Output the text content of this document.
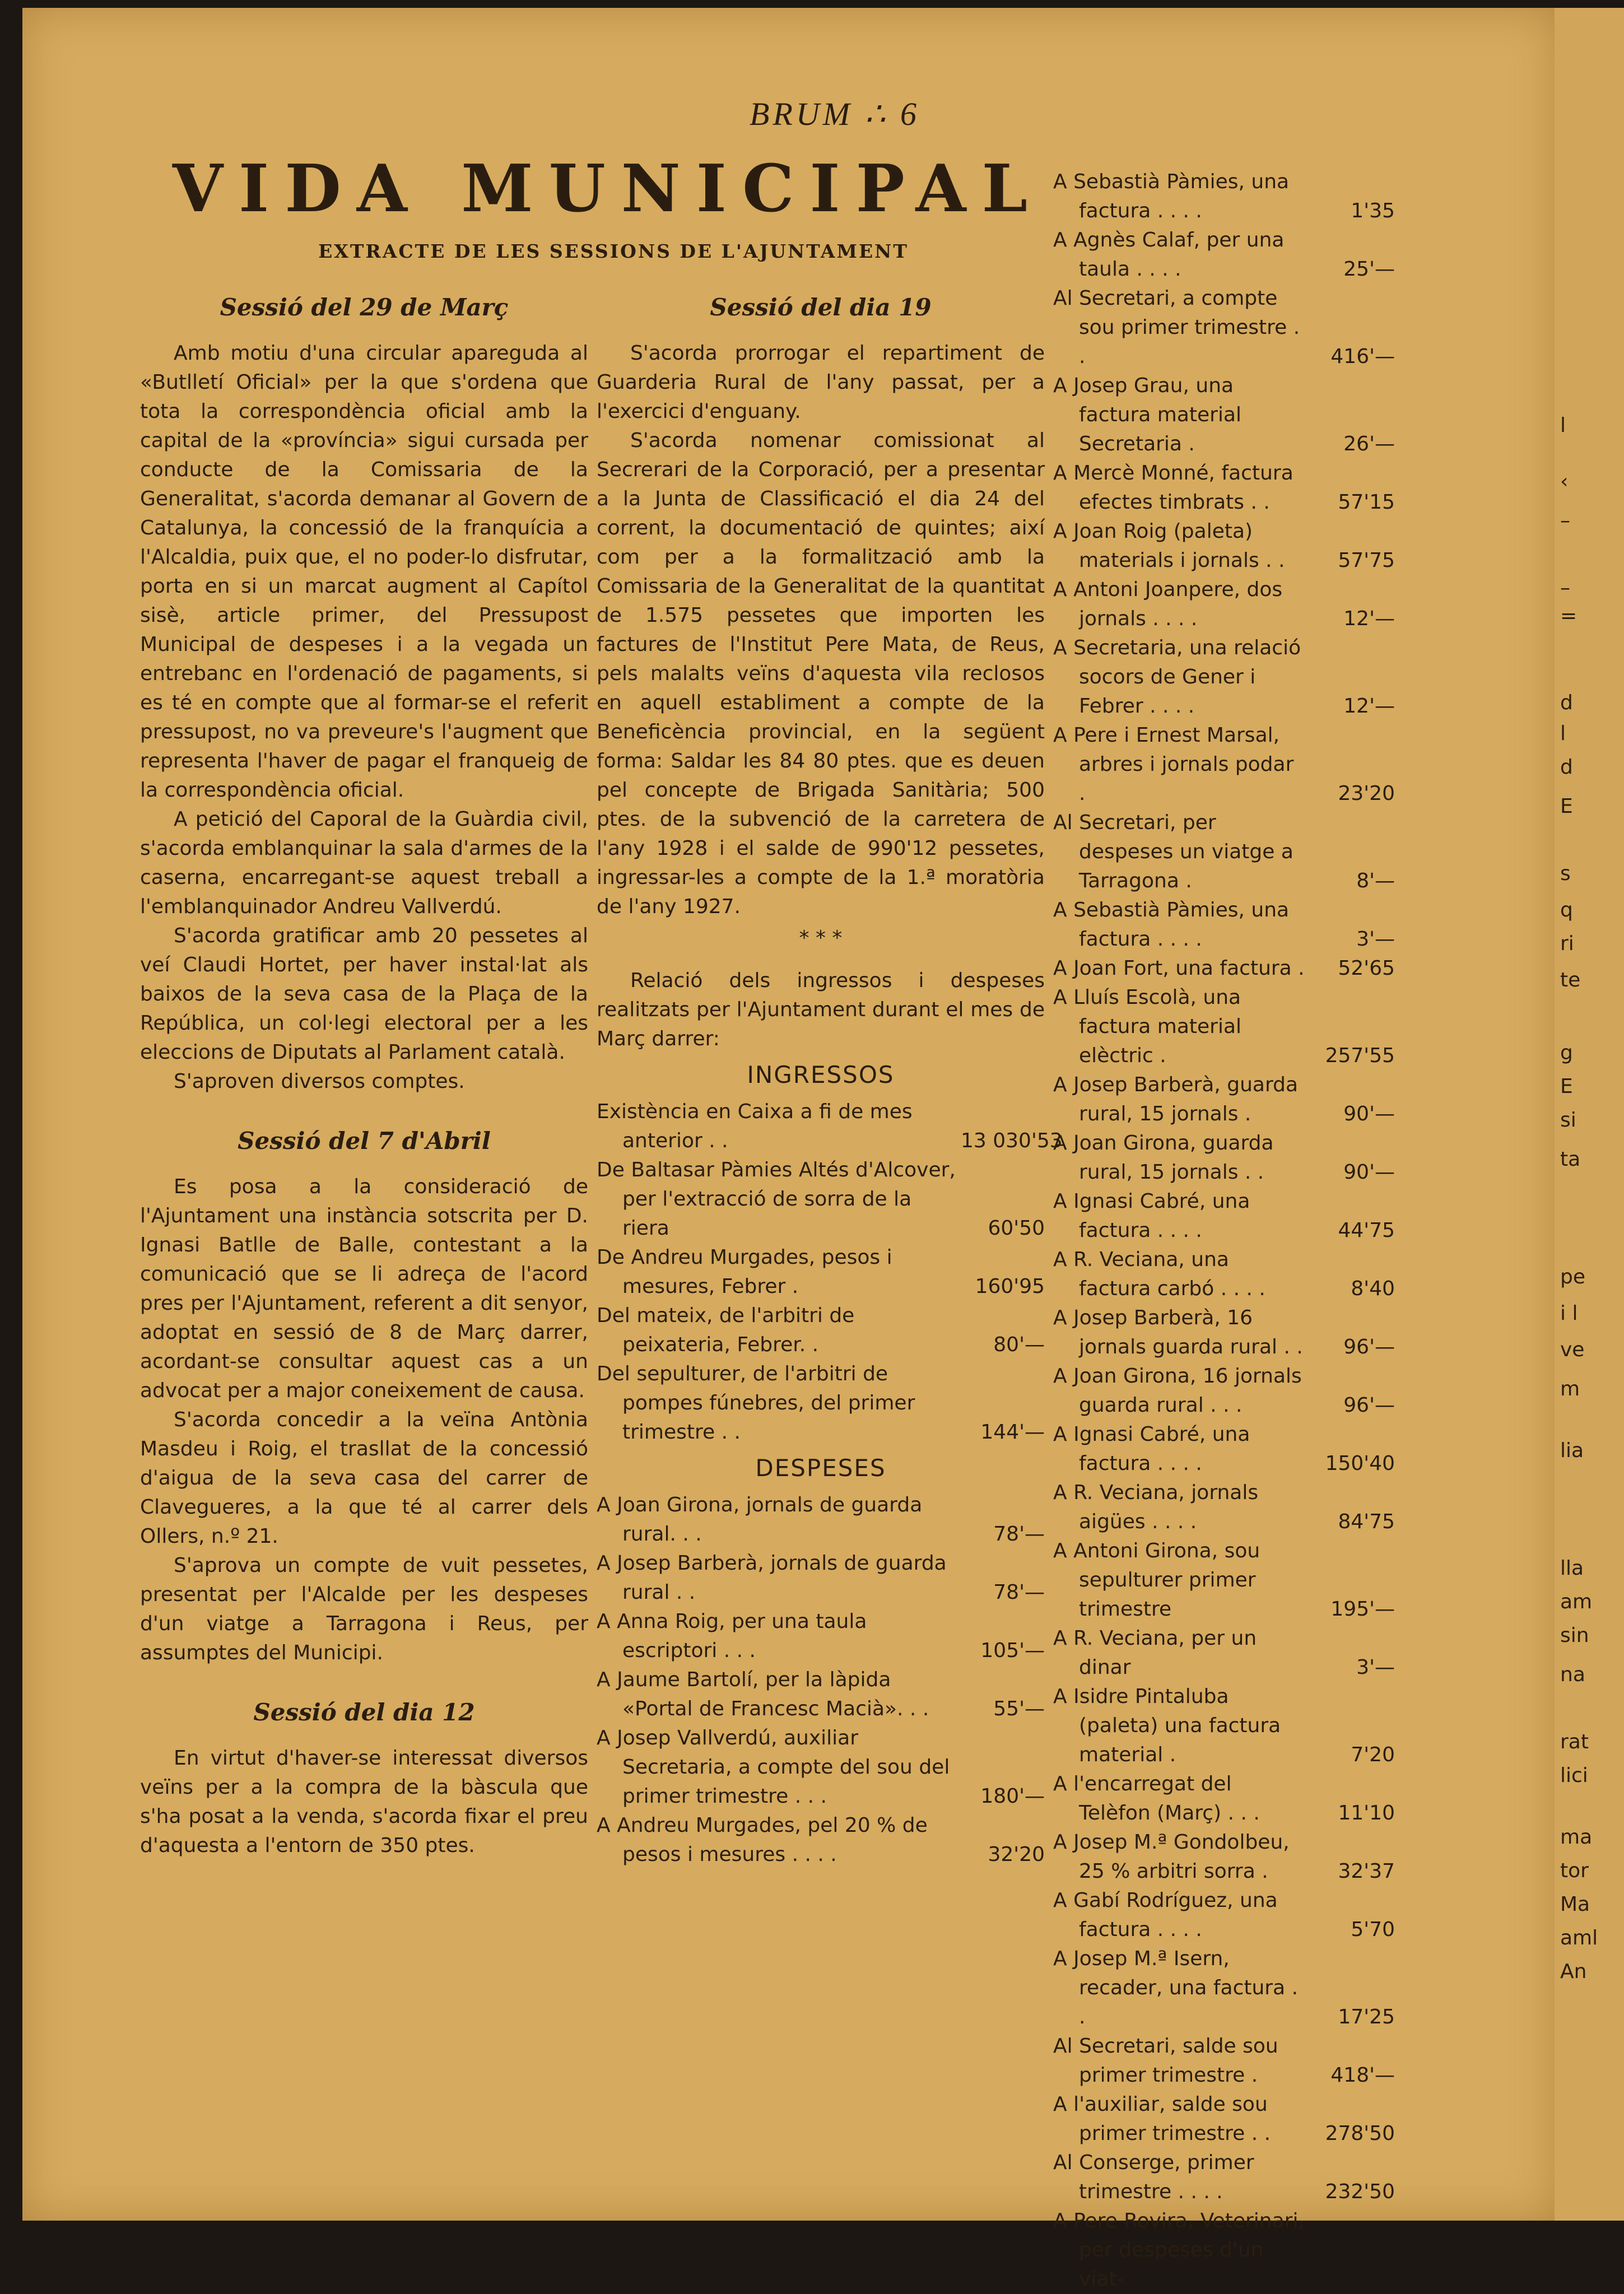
BRUM ∴ 6
VIDA MUNICIPAL
EXTRACTE DE LES SESSIONS DE L'AJUNTAMENT
Sessió del 29 de Març

Amb motiu d'una circular apareguda al «Butlletí Oficial» per la que s'ordena que tota la correspondència oficial amb la capital de la «província» sigui cursada per conducte de la Comissaria de la Generalitat, s'acorda demanar al Govern de Catalunya, la concessió de la franquícia a l'Alcaldia, puix que, el no poder-lo disfrutar, porta en si un marcat augment al Capítol sisè, article primer, del Pressupost Municipal de despeses i a la vegada un entrebanc en l'ordenació de pagaments, si es té en compte que al formar-se el referit pressupost, no va preveure's l'augment que representa l'haver de pagar el franqueig de la correspondència oficial.

A petició del Caporal de la Guàrdia civil, s'acorda emblanquinar la sala d'armes de la caserna, encarregant-se aquest treball a l'emblanquinador Andreu Vallverdú.

S'acorda gratificar amb 20 pessetes al veí Claudi Hortet, per haver instal·lat als baixos de la seva casa de la Plaça de la República, un col·legi electoral per a les eleccions de Diputats al Parlament català.

S'aproven diversos comptes.

Sessió del 7 d'Abril

Es posa a la consideració de l'Ajuntament una instància sotscrita per D. Ignasi Batlle de Balle, contestant a la comunicació que se li adreça de l'acord pres per l'Ajuntament, referent a dit senyor, adoptat en sessió de 8 de Març darrer, acordant-se consultar aquest cas a un advocat per a major coneixement de causa.

S'acorda concedir a la veïna Antònia Masdeu i Roig, el trasllat de la concessió d'aigua de la seva casa del carrer de Clavegueres, a la que té al carrer dels Ollers, n.º 21.

S'aprova un compte de vuit pessetes, presentat per l'Alcalde per les despeses d'un viatge a Tarragona i Reus, per assumptes del Municipi.

Sessió del dia 12

En virtut d'haver-se interessat diversos veïns per a la compra de la bàscula que s'ha posat a la venda, s'acorda fixar el preu d'aquesta a l'entorn de 350 ptes.

Sessió del dia 19

S'acorda prorrogar el repartiment de Guarderia Rural de l'any passat, per a l'exercici d'enguany.

S'acorda nomenar comissionat al Secrerari de la Corporació, per a presentar a la Junta de Classificació el dia 24 del corrent, la documentació de quintes; així com per a la formalització amb la Comissaria de la Generalitat de la quantitat de 1.575 pessetes que importen les factures de l'Institut Pere Mata, de Reus, pels malalts veïns d'aquesta vila reclosos en aquell establiment a compte de la Beneficència provincial, en la següent forma: Saldar les 84 80 ptes. que es deuen pel concepte de Brigada Sanitària; 500 ptes. de la subvenció de la carretera de l'any 1928 i el salde de 990'12 pessetes, ingressar-les a compte de la 1.ª moratòria de l'any 1927.

* * *

Relació dels ingressos i despeses realitzats per l'Ajuntament durant el mes de Març darrer:

INGRESSOS
Existència en Caixa a fi de mes anterior . .	13 030'53
De Baltasar Pàmies Altés d'Alcover, per l'extracció de sorra de la riera	60'50
De Andreu Murgades, pesos i mesures, Febrer .	160'95
Del mateix, de l'arbitri de peixateria, Febrer. .	80'—
Del sepulturer, de l'arbitri de pompes fúnebres, del primer trimestre . .	144'—
DESPESES
A Joan Girona, jornals de guarda rural. . .	78'—
A Josep Barberà, jornals de guarda rural . .	78'—
A Anna Roig, per una taula escriptori . . .	105'—
A Jaume Bartolí, per la làpida «Portal de Francesc Macià». . .	55'—
A Josep Vallverdú, auxiliar Secretaria, a compte del sou del primer trimestre . . .	180'—
A Andreu Murgades, pel 20 % de pesos i mesures . . . .	32'20
A Sebastià Pàmies, una factura . . . .	1'35
A Agnès Calaf, per una taula . . . .	25'—
Al Secretari, a compte sou primer trimestre . .	416'—
A Josep Grau, una factura material Secretaria .	26'—
A Mercè Monné, factura efectes timbrats . .	57'15
A Joan Roig (paleta) materials i jornals . .	57'75
A Antoni Joanpere, dos jornals . . . .	12'—
A Secretaria, una relació socors de Gener i Febrer . . . .	12'—
A Pere i Ernest Marsal, arbres i jornals podar .	23'20
Al Secretari, per despeses un viatge a Tarragona .	8'—
A Sebastià Pàmies, una factura . . . .	3'—
A Joan Fort, una factura .	52'65
A Lluís Escolà, una factura material elèctric .	257'55
A Josep Barberà, guarda rural, 15 jornals .	90'—
A Joan Girona, guarda rural, 15 jornals . .	90'—
A Ignasi Cabré, una factura . . . .	44'75
A R. Veciana, una factura carbó . . . .	8'40
A Josep Barberà, 16 jornals guarda rural . .	96'—
A Joan Girona, 16 jornals guarda rural . . .	96'—
A Ignasi Cabré, una factura . . . .	150'40
A R. Veciana, jornals aigües . . . .	84'75
A Antoni Girona, sou sepulturer primer trimestre	195'—
A R. Veciana, per un dinar	3'—
A Isidre Pintaluba (paleta) una factura material .	7'20
A l'encarregat del Telèfon (Març) . . .	11'10
A Josep M.ª Gondolbeu, 25 % arbitri sorra .	32'37
A Gabí Rodríguez, una factura . . . .	5'70
A Josep M.ª Isern, recader, una factura . .	17'25
Al Secretari, salde sou primer trimestre .	418'—
A l'auxiliar, salde sou primer trimestre . .	278'50
Al Conserge, primer trimestre . . . .	232'50
A Pere Rovira, Veterinari, per despeses d'un viat-
l
‹
–
–
=
d
l
d
E
s
q
ri
te
g
E
si
ta
pe
i l
ve
m
lia
lla
am
sin
na
rat
lici
ma
tor
Ma
aml
An
